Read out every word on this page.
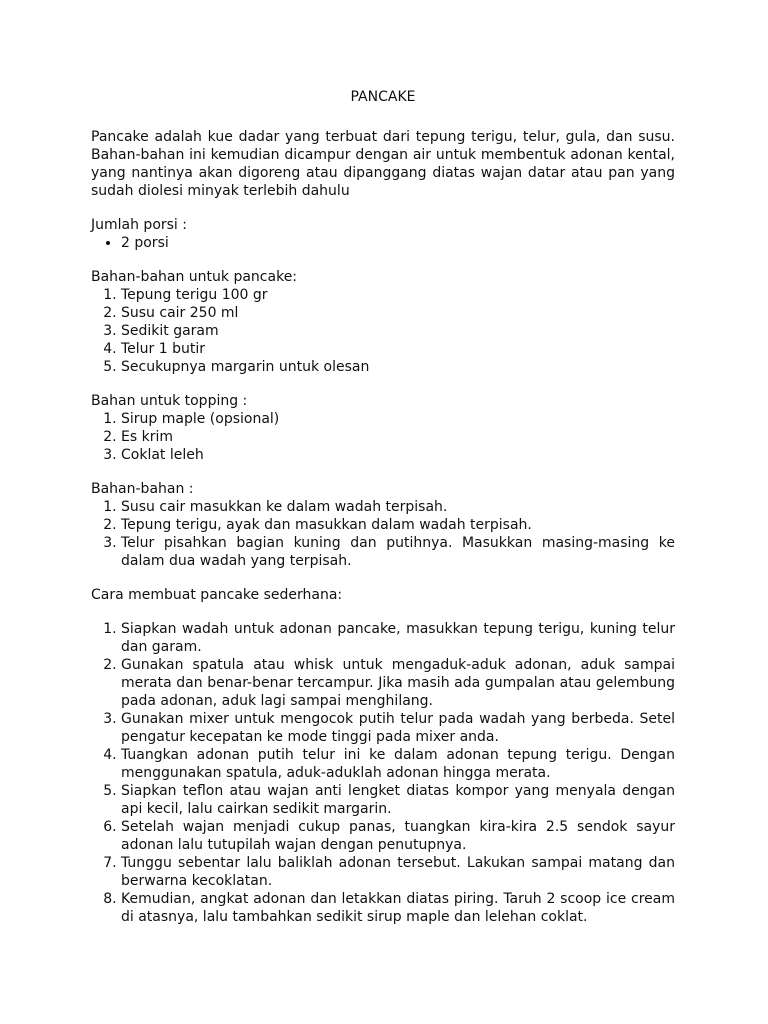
PANCAKE

Pancake adalah kue dadar yang terbuat dari tepung terigu, telur, gula, dan susu. Bahan-bahan ini kemudian dicampur dengan air untuk membentuk adonan kental, yang nantinya akan digoreng atau dipanggang diatas wajan datar atau pan yang sudah diolesi minyak terlebih dahulu

Jumlah porsi :

• 2 porsi

Bahan-bahan untuk pancake:

1. Tepung terigu 100 gr
2. Susu cair 250 ml
3. Sedikit garam
4. Telur 1 butir
5. Secukupnya margarin untuk olesan

Bahan untuk topping :

1. Sirup maple (opsional)
2. Es krim
3. Coklat leleh

Bahan-bahan :

1. Susu cair masukkan ke dalam wadah terpisah.
2. Tepung terigu, ayak dan masukkan dalam wadah terpisah.
3. Telur pisahkan bagian kuning dan putihnya. Masukkan masing-masing ke dalam dua wadah yang terpisah.

Cara membuat pancake sederhana:

1. Siapkan wadah untuk adonan pancake, masukkan tepung terigu, kuning telur dan garam.
2. Gunakan spatula atau whisk untuk mengaduk-aduk adonan, aduk sampai merata dan benar-benar tercampur. Jika masih ada gumpalan atau gelembung pada adonan, aduk lagi sampai menghilang.
3. Gunakan mixer untuk mengocok putih telur pada wadah yang berbeda. Setel pengatur kecepatan ke mode tinggi pada mixer anda.
4. Tuangkan adonan putih telur ini ke dalam adonan tepung terigu. Dengan menggunakan spatula, aduk-aduklah adonan hingga merata.
5. Siapkan teflon atau wajan anti lengket diatas kompor yang menyala dengan api kecil, lalu cairkan sedikit margarin.
6. Setelah wajan menjadi cukup panas, tuangkan kira-kira 2.5 sendok sayur adonan lalu tutupilah wajan dengan penutupnya.
7. Tunggu sebentar lalu baliklah adonan tersebut. Lakukan sampai matang dan berwarna kecoklatan.
8. Kemudian, angkat adonan dan letakkan diatas piring. Taruh 2 scoop ice cream di atasnya, lalu tambahkan sedikit sirup maple dan lelehan coklat.
